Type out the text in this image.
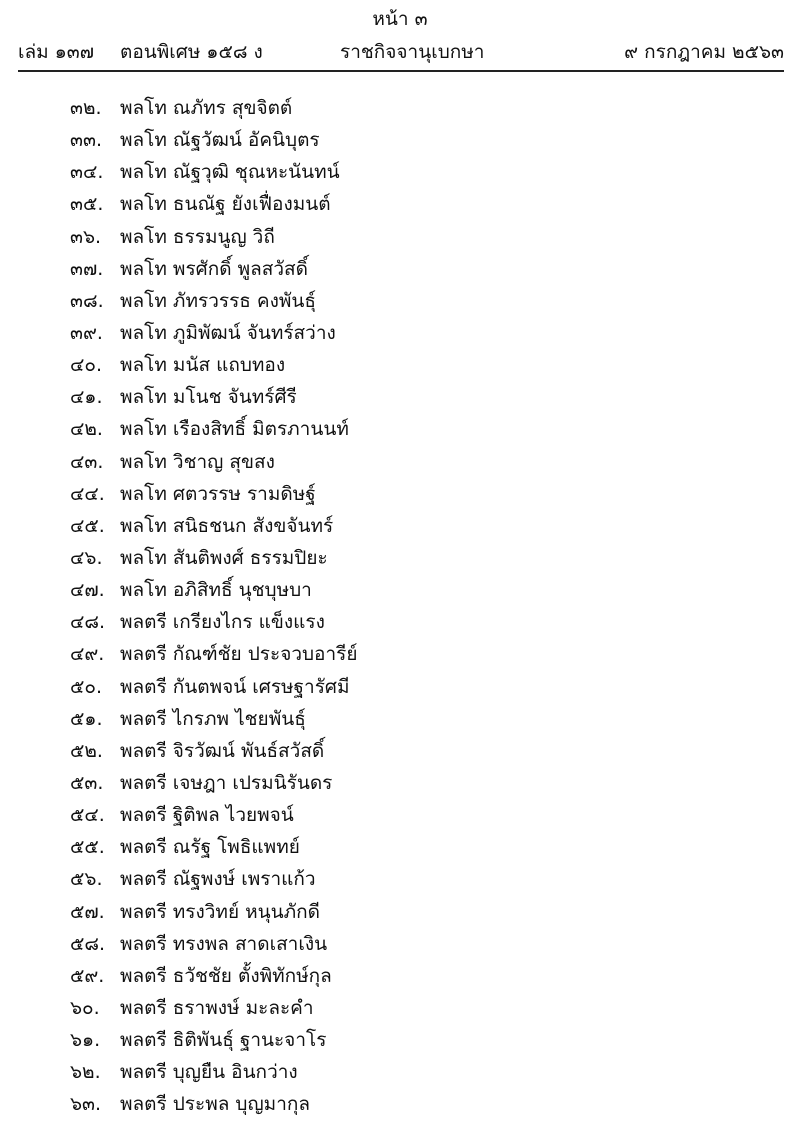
หน้า ๓
เล่ม ๑๓๗ ตอนพิเศษ ๑๕๘ ง	ราชกิจจานุเบกษา	๙ กรกฎาคม ๒๕๖๓
๓๒. พลโท ณภัทร สุขจิตต์
๓๓. พลโท ณัฐวัฒน์ อัคนิบุตร
๓๔. พลโท ณัฐวุฒิ ชุณหะนันทน์
๓๕. พลโท ธนณัฐ ยังเฟื่องมนต์
๓๖. พลโท ธรรมนูญ วิถี
๓๗. พลโท พรศักดิ์ พูลสวัสดิ์
๓๘. พลโท ภัทรวรรธ คงพันธุ์
๓๙. พลโท ภูมิพัฒน์ จันทร์สว่าง
๔๐. พลโท มนัส แถบทอง
๔๑. พลโท มโนช จันทร์ศีรี
๔๒. พลโท เรืองสิทธิ์ มิตรภานนท์
๔๓. พลโท วิชาญ สุขสง
๔๔. พลโท ศตวรรษ รามดิษฐ์
๔๕. พลโท สนิธชนก สังขจันทร์
๔๖. พลโท สันติพงศ์ ธรรมปิยะ
๔๗. พลโท อภิสิทธิ์ นุชบุษบา
๔๘. พลตรี เกรียงไกร แข็งแรง
๔๙. พลตรี กัณฑ์ชัย ประจวบอารีย์
๕๐. พลตรี กันตพจน์ เศรษฐารัศมี
๕๑. พลตรี ไกรภพ ไชยพันธุ์
๕๒. พลตรี จิรวัฒน์ พันธ์สวัสดิ์
๕๓. พลตรี เจษฎา เปรมนิรันดร
๕๔. พลตรี ฐิติพล ไวยพจน์
๕๕. พลตรี ณรัฐ โพธิแพทย์
๕๖. พลตรี ณัฐพงษ์ เพราแก้ว
๕๗. พลตรี ทรงวิทย์ หนุนภักดี
๕๘. พลตรี ทรงพล สาดเสาเงิน
๕๙. พลตรี ธวัชชัย ตั้งพิทักษ์กุล
๖๐.	พลตรี ธราพงษ์ มะละคำ
๖๑.	พลตรี ธิติพันธุ์ ฐานะจาโร
๖๒.	พลตรี บุญยืน อินกว่าง
๖๓. พลตรี ประพล บุญมากุล
